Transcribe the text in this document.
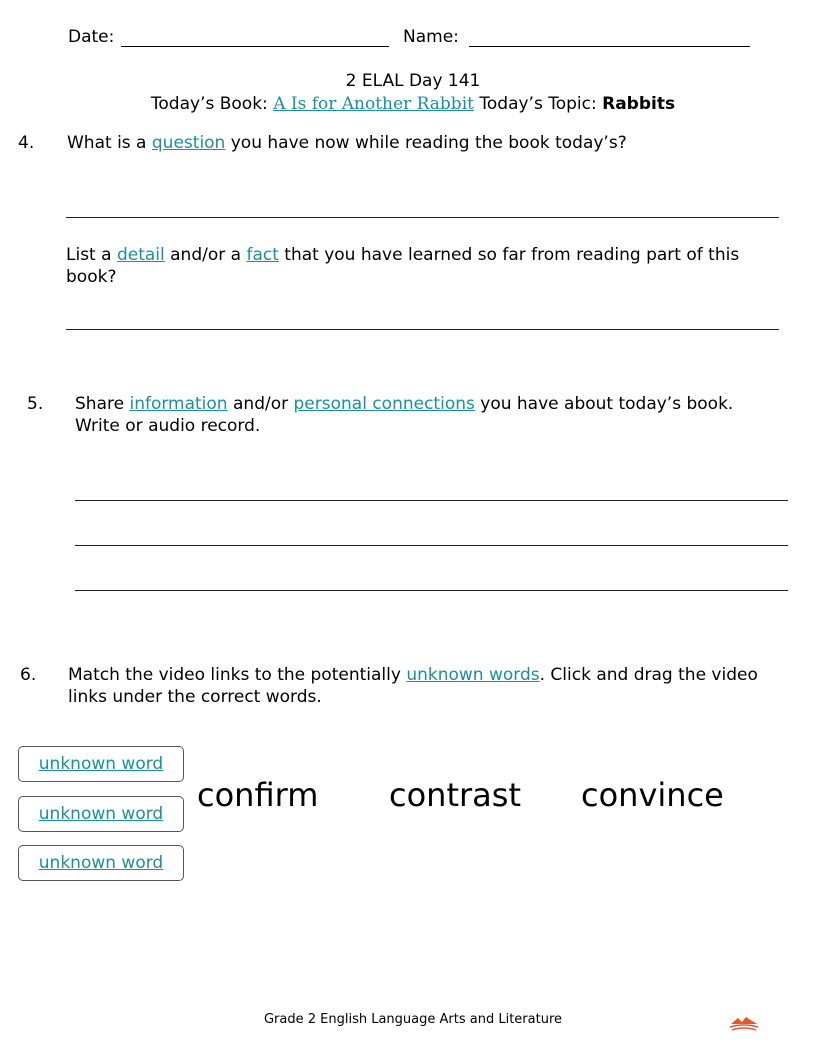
Date:	Name:
2 ELAL Day 141
Today’s Book: A Is for Another Rabbit Today’s Topic: Rabbits
4. What is a question you have now while reading the book today’s?
List a detail and/or a fact that you have learned so far from reading part of this
book?
5. Share information and/or personal connections you have about today’s book.
Write or audio record.
6. Match the video links to the potentially unknown words. Click and drag the video
links under the correct words.
unknown word
unknown word
unknown word
confirm contrast convince
Grade 2 English Language Arts and Literature
